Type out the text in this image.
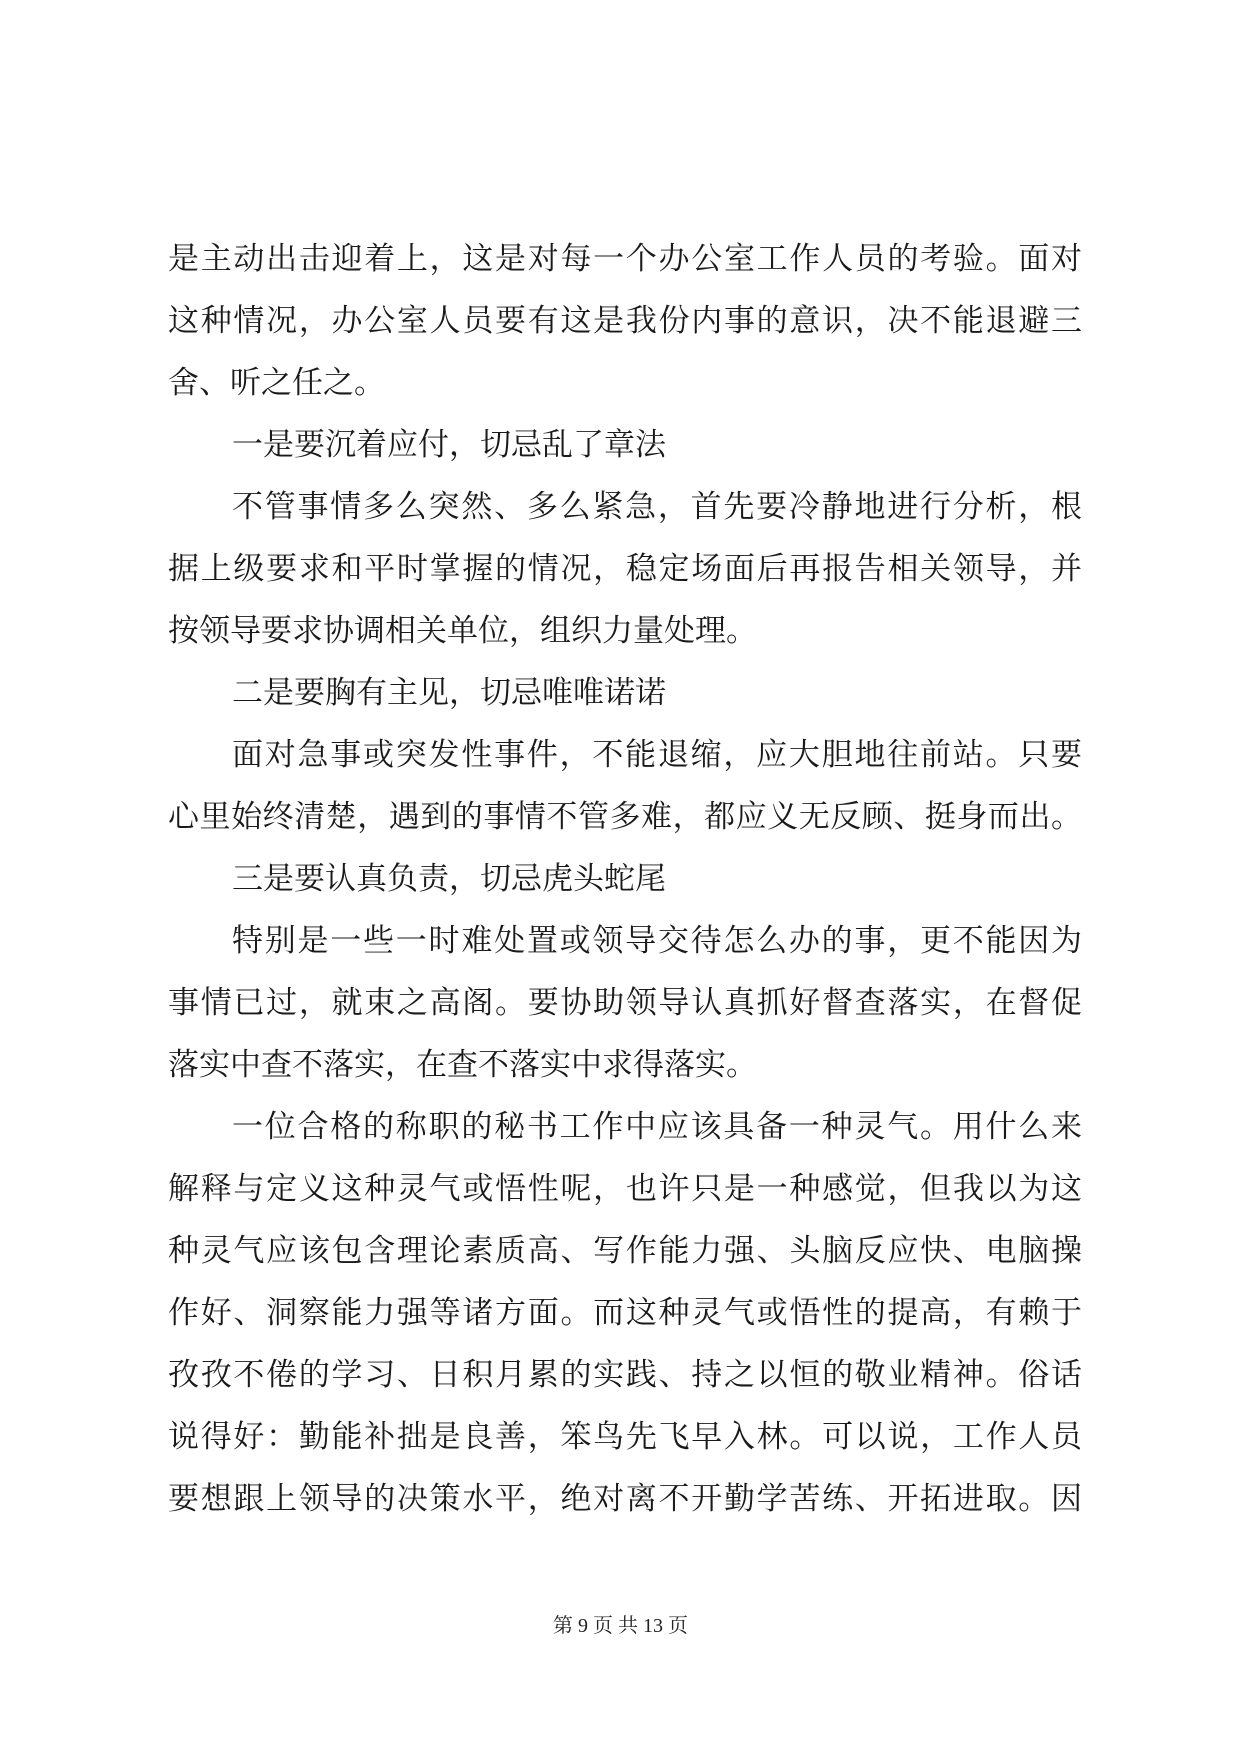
是主动出击迎着上，这是对每一个办公室工作人员的考验。面对
这种情况，办公室人员要有这是我份内事的意识，决不能退避三
舍、听之任之。
一是要沉着应付，切忌乱了章法
不管事情多么突然、多么紧急，首先要冷静地进行分析，根
据上级要求和平时掌握的情况，稳定场面后再报告相关领导，并
按领导要求协调相关单位，组织力量处理。
二是要胸有主见，切忌唯唯诺诺
面对急事或突发性事件，不能退缩，应大胆地往前站。只要
心里始终清楚，遇到的事情不管多难，都应义无反顾、挺身而出。
三是要认真负责，切忌虎头蛇尾
特别是一些一时难处置或领导交待怎么办的事，更不能因为
事情已过，就束之高阁。要协助领导认真抓好督查落实，在督促
落实中查不落实，在查不落实中求得落实。
一位合格的称职的秘书工作中应该具备一种灵气。用什么来
解释与定义这种灵气或悟性呢，也许只是一种感觉，但我以为这
种灵气应该包含理论素质高、写作能力强、头脑反应快、电脑操
作好、洞察能力强等诸方面。而这种灵气或悟性的提高，有赖于
孜孜不倦的学习、日积月累的实践、持之以恒的敬业精神。俗话
说得好：勤能补拙是良善，笨鸟先飞早入林。可以说，工作人员
要想跟上领导的决策水平，绝对离不开勤学苦练、开拓进取。因
第 9 页 共 13 页
